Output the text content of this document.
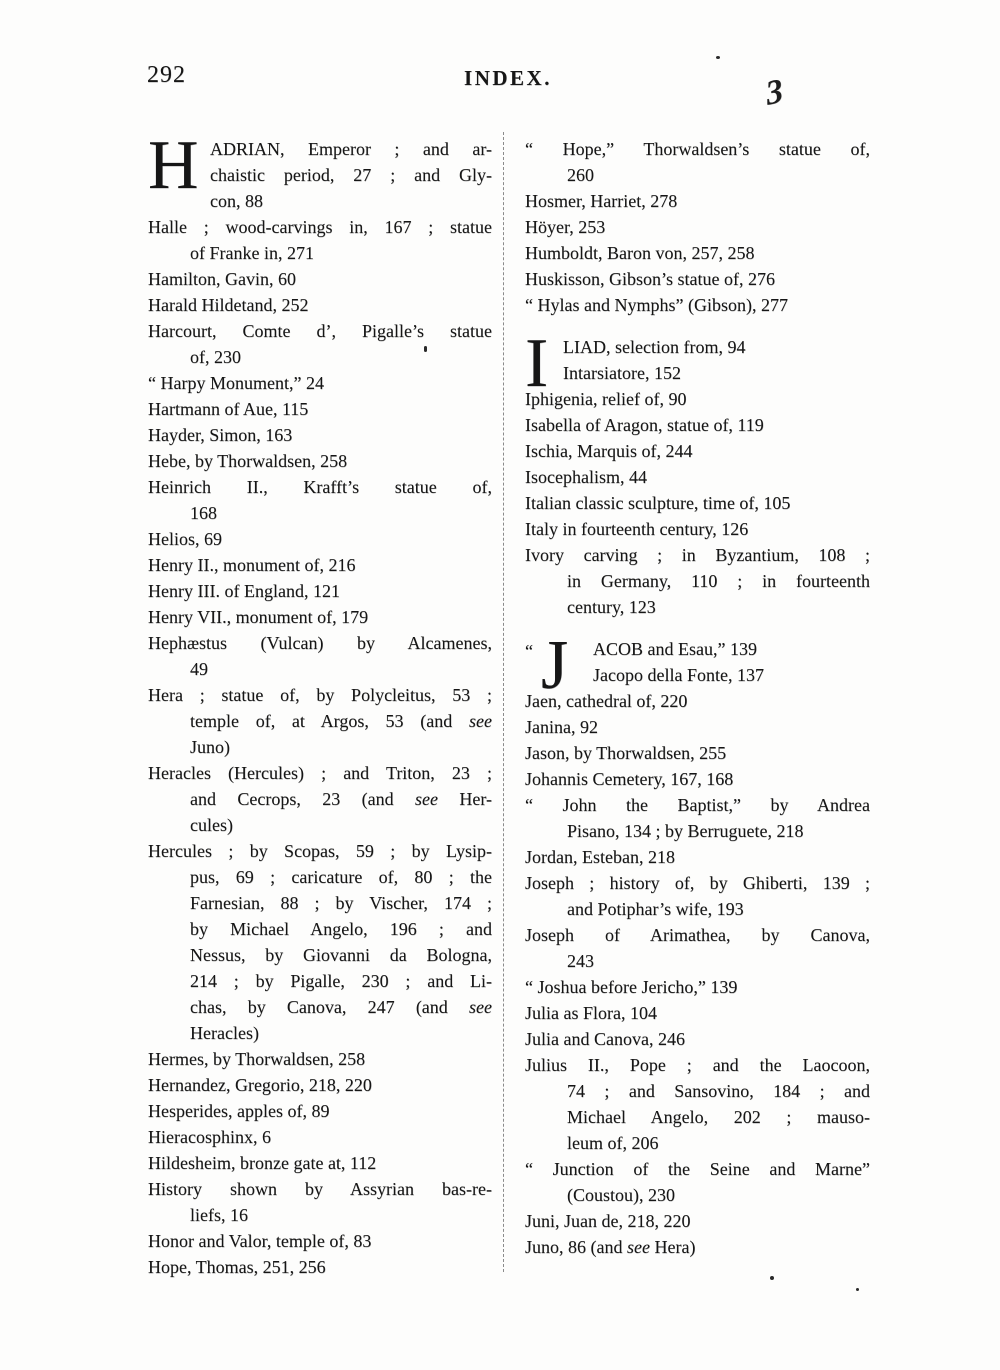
292	INDEX.	3
H ADRIAN, Emperor ; and ar-
chaistic period, 27 ; and Gly-
con, 88
Halle ; wood-carvings in, 167 ; statue
of Franke in, 271
Hamilton, Gavin, 60
Harald Hildetand, 252
Harcourt, Comte d’, Pigalle’s statue
of, 230
“ Harpy Monument,” 24
Hartmann of Aue, 115
Hayder, Simon, 163
Hebe, by Thorwaldsen, 258
Heinrich II., Krafft’s statue of,
168
Helios, 69
Henry II., monument of, 216
Henry III. of England, 121
Henry VII., monument of, 179
Hephæstus (Vulcan) by Alcamenes,
49
Hera ; statue of, by Polycleitus, 53 ;
temple of, at Argos, 53 (and see
Juno)
Heracles (Hercules) ; and Triton, 23 ;
and Cecrops, 23 (and see Her-
cules)
Hercules ; by Scopas, 59 ; by Lysip-
pus, 69 ; caricature of, 80 ; the
Farnesian, 88 ; by Vischer, 174 ;
by Michael Angelo, 196 ; and
Nessus, by Giovanni da Bologna,
214 ; by Pigalle, 230 ; and Li-
chas, by Canova, 247 (and see
Heracles)
Hermes, by Thorwaldsen, 258
Hernandez, Gregorio, 218, 220
Hesperides, apples of, 89
Hieracosphinx, 6
Hildesheim, bronze gate at, 112
History shown by Assyrian bas-re-
liefs, 16
Honor and Valor, temple of, 83
Hope, Thomas, 251, 256
“ Hope,” Thorwaldsen’s statue of,
260
Hosmer, Harriet, 278
Höyer, 253
Humboldt, Baron von, 257, 258
Huskisson, Gibson’s statue of, 276
“ Hylas and Nymphs” (Gibson), 277
I LIAD, selection from, 94
Intarsiatore, 152
Iphigenia, relief of, 90
Isabella of Aragon, statue of, 119
Ischia, Marquis of, 244
Isocephalism, 44
Italian classic sculpture, time of, 105
Italy in fourteenth century, 126
Ivory carving ; in Byzantium, 108 ;
in Germany, 110 ; in fourteenth
century, 123
“ J ACOB and Esau,” 139
Jacopo della Fonte, 137
Jaen, cathedral of, 220
Janina, 92
Jason, by Thorwaldsen, 255
Johannis Cemetery, 167, 168
“ John the Baptist,” by Andrea
Pisano, 134 ; by Berruguete, 218
Jordan, Esteban, 218
Joseph ; history of, by Ghiberti, 139 ;
and Potiphar’s wife, 193
Joseph of Arimathea, by Canova,
243
“ Joshua before Jericho,” 139
Julia as Flora, 104
Julia and Canova, 246
Julius II., Pope ; and the Laocoon,
74 ; and Sansovino, 184 ; and
Michael Angelo, 202 ; mauso-
leum of, 206
“ Junction of the Seine and Marne”
(Coustou), 230
Juni, Juan de, 218, 220
Juno, 86 (and see Hera)
